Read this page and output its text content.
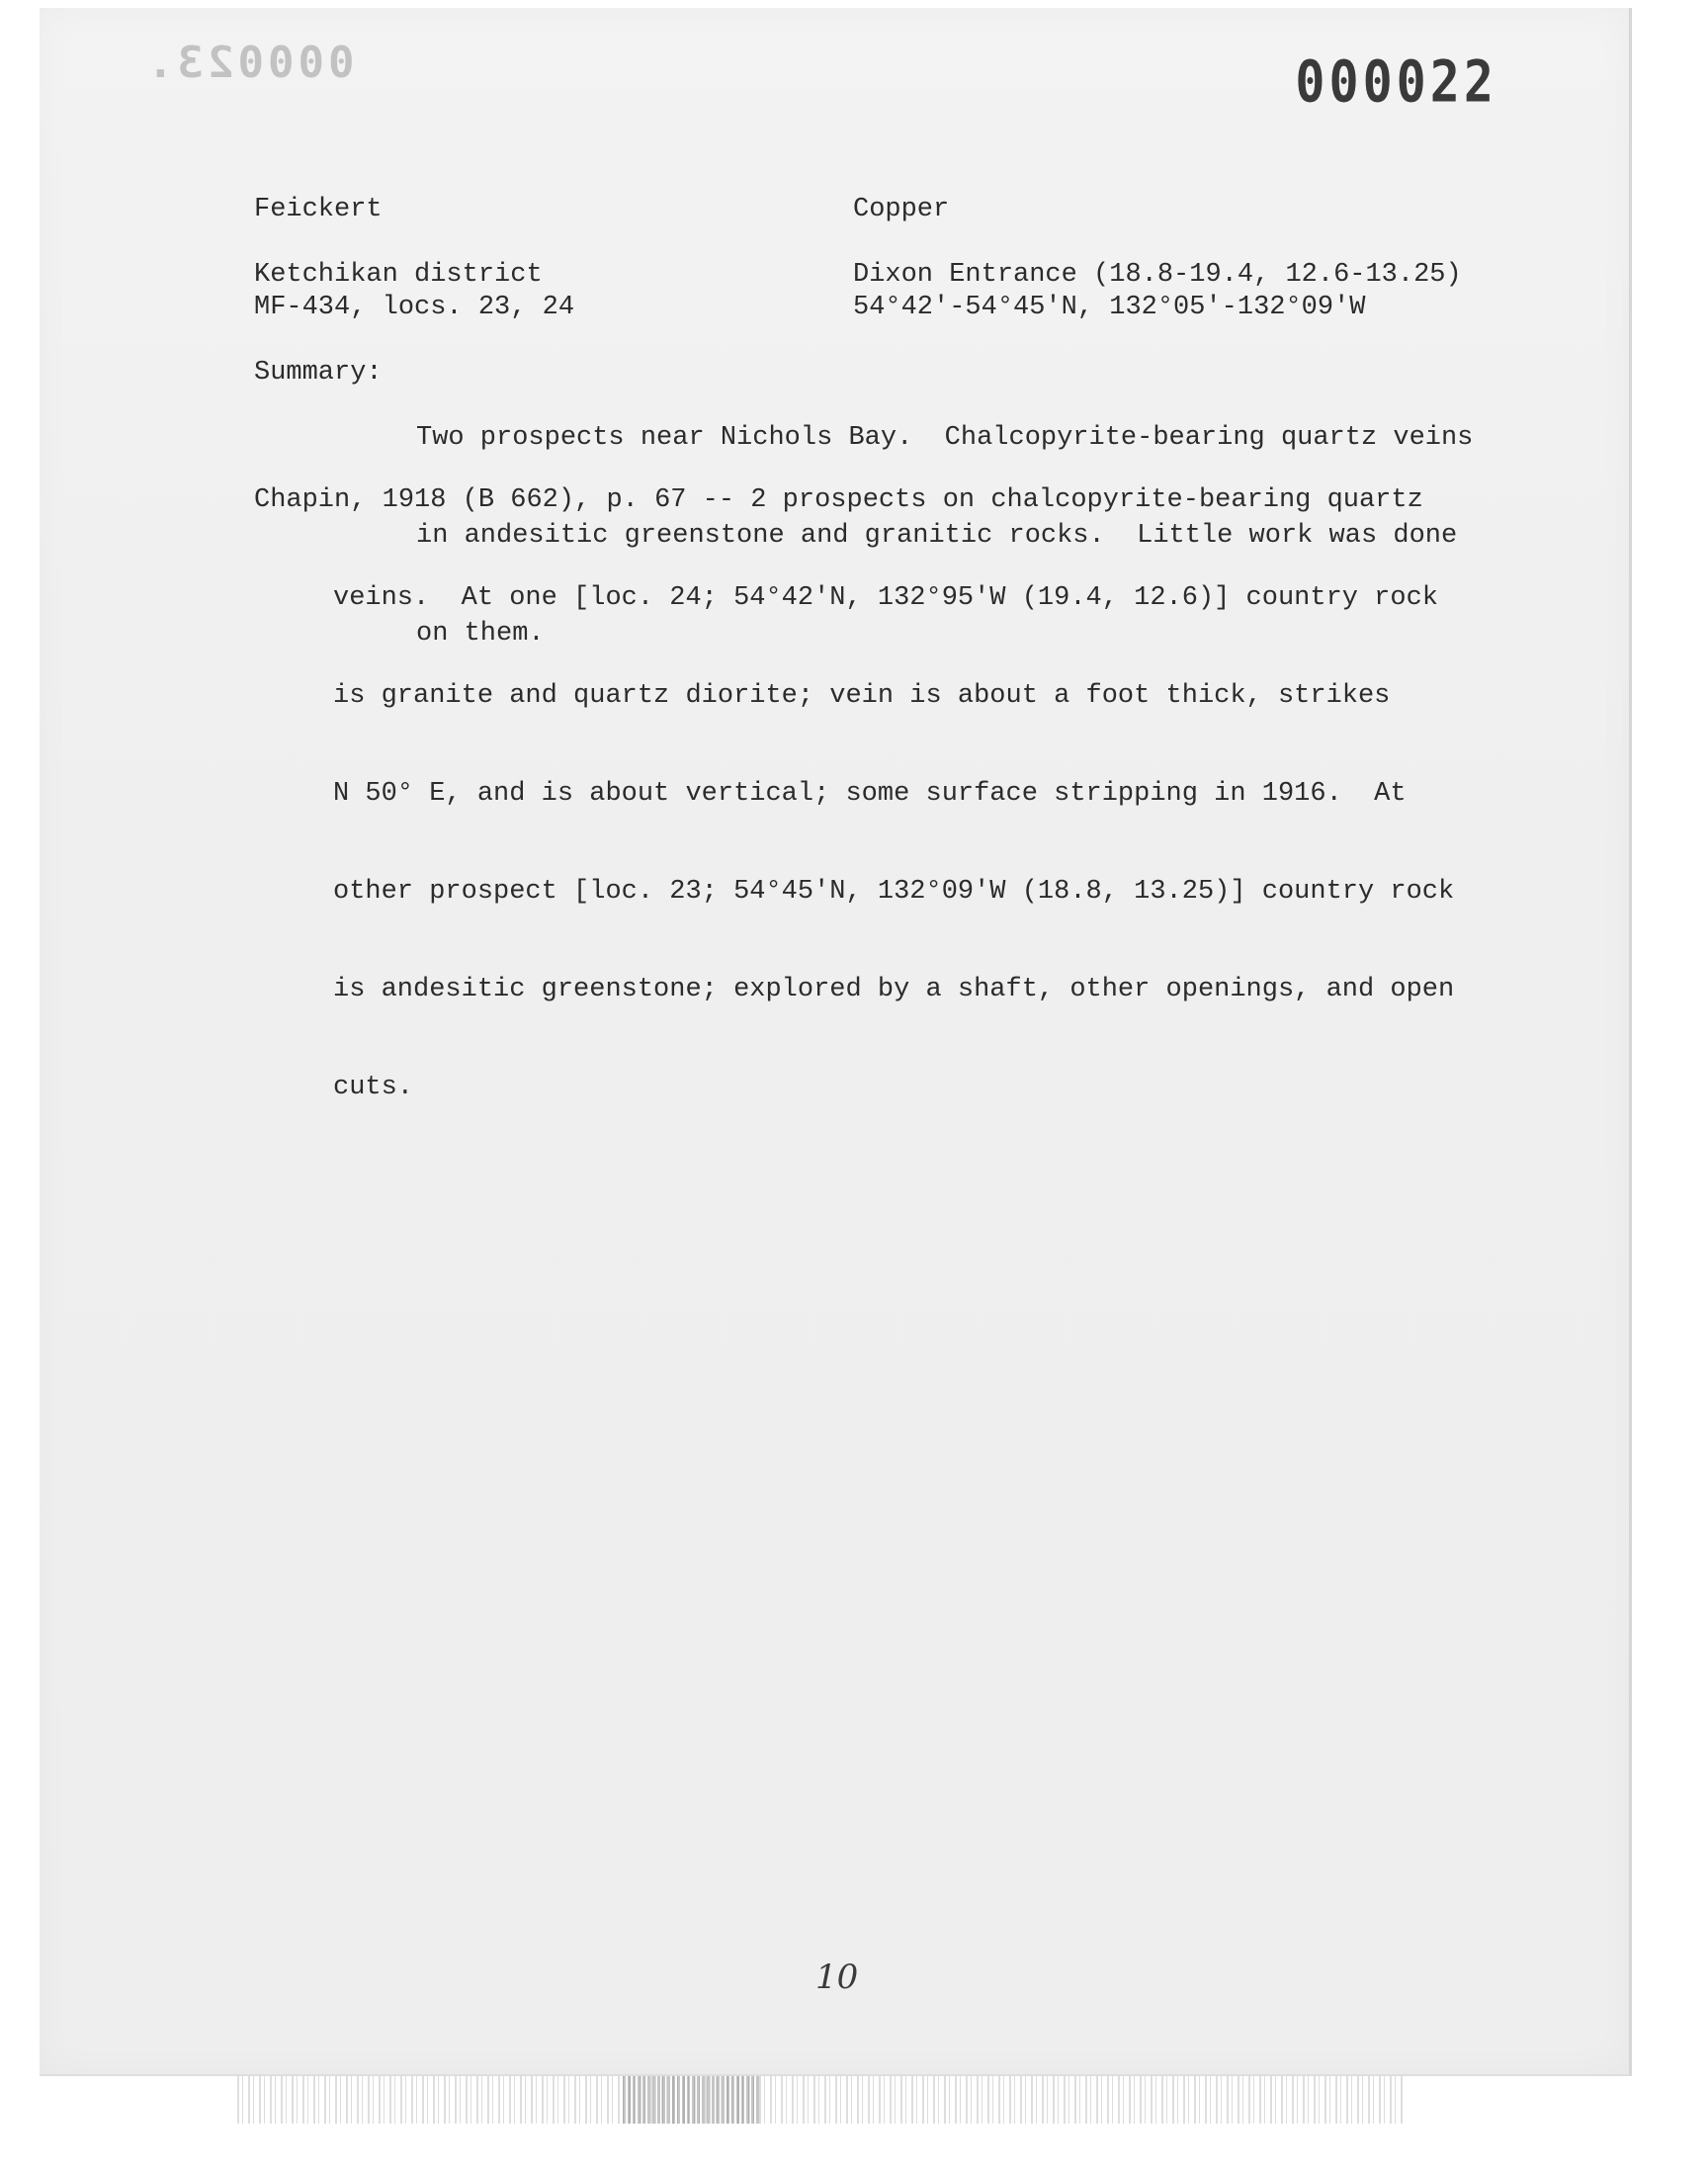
000023.	000022
Feickert	Copper
Ketchikan district
MF-434, locs. 23, 24
Dixon Entrance (18.8-19.4, 12.6-13.25)
54°42'-54°45'N, 132°05'-132°09'W
Summary:

Two prospects near Nichols Bay.  Chalcopyrite-bearing quartz veins

in andesitic greenstone and granitic rocks.  Little work was done

on them.

Chapin, 1918 (B 662), p. 67 -- 2 prospects on chalcopyrite-bearing quartz

veins.  At one [loc. 24; 54°42'N, 132°95'W (19.4, 12.6)] country rock

is granite and quartz diorite; vein is about a foot thick, strikes

N 50° E, and is about vertical; some surface stripping in 1916.  At

other prospect [loc. 23; 54°45'N, 132°09'W (18.8, 13.25)] country rock

is andesitic greenstone; explored by a shaft, other openings, and open

cuts.

10
